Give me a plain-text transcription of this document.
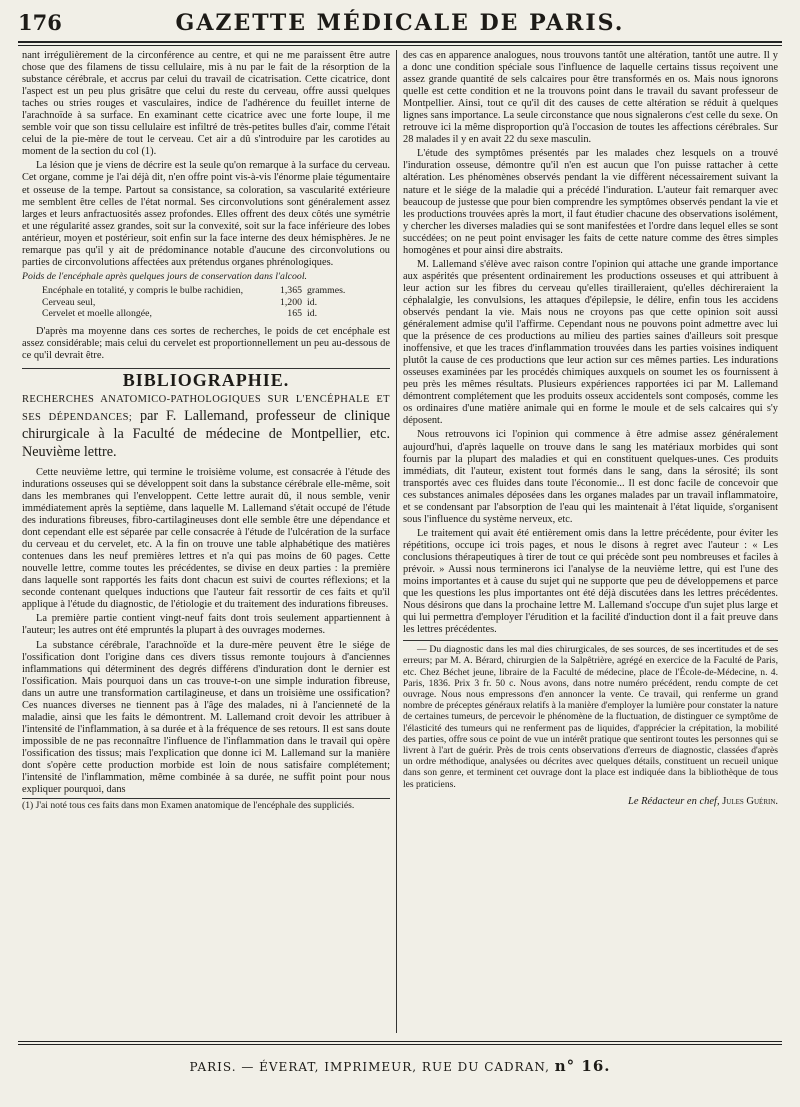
176	GAZETTE MÉDICALE DE PARIS.

nant irrégulièrement de la circonférence au centre, et qui ne me paraissent être autre chose que des filamens de tissu cellulaire, mis à nu par le fait de la résorption de la substance cérébrale, et accrus par celui du travail de cicatrisation. Cette cicatrice, dont l'aspect est un peu plus grisâtre que celui du reste du cerveau, offre aussi quelques taches ou stries rouges et vasculaires, indice de l'adhérence du feuillet interne de l'arachnoïde à sa surface. En examinant cette cicatrice avec une forte loupe, il me semble voir que son tissu cellulaire est infiltré de très-petites bulles d'air, comme l'était celui de la pie-mère de tout le cerveau. Cet air a dû s'introduire par les carotides au moment de la section du col (1).

La lésion que je viens de décrire est la seule qu'on remarque à la surface du cerveau. Cet organe, comme je l'ai déjà dit, n'en offre point vis-à-vis l'énorme plaie tégumentaire et osseuse de la tempe. Partout sa consistance, sa coloration, sa vascularité extérieure me semblent être celles de l'état normal. Ses circonvolutions sont généralement assez larges et leurs anfractuosités assez profondes. Elles offrent des deux côtés une symétrie et une régularité assez grandes, soit sur la convexité, soit sur la face inférieure des lobes antérieur, moyen et postérieur, soit enfin sur la face interne des deux hémisphères. Je ne remarque pas qu'il y ait de prédominance notable d'aucune des circonvolutions ou parties de circonvolutions affectées aux prétendus organes phrénologiques.

Poids de l'encéphale après quelques jours de conservation dans l'alcool.

Encéphale en totalité, y compris le bulbe rachidien,	1,365 grammes.
Cerveau seul,	1,200 id.
Cervelet et moelle allongée,	165 id.

D'après ma moyenne dans ces sortes de recherches, le poids de cet encéphale est assez considérable; mais celui du cervelet est proportionnellement un peu au-dessous de ce qu'il devrait être.

BIBLIOGRAPHIE.

RECHERCHES ANATOMICO-PATHOLOGIQUES SUR L'ENCÉPHALE ET SES DÉPENDANCES; par F. Lallemand, professeur de clinique chirurgicale à la Faculté de médecine de Montpellier, etc. Neuvième lettre.

Cette neuvième lettre, qui termine le troisième volume, est consacrée à l'étude des indurations osseuses qui se développent soit dans la substance cérébrale elle-même, soit dans les membranes qui l'enveloppent. Cette lettre aurait dû, il nous semble, venir immédiatement après la septième, dans laquelle M. Lallemand s'était occupé de l'étude des indurations fibreuses, fibro-cartilagineuses dont elle semble être une dépendance et dont cependant elle est séparée par celle consacrée à l'étude de l'ulcération de la surface du cerveau et du cervelet, etc. A la fin on trouve une table alphabétique des matières contenues dans les neuf premières lettres et n'a qui pas moins de 60 pages. Cette nouvelle lettre, comme toutes les précédentes, se divise en deux parties : la première dans laquelle sont rapportés les faits dont chacun est suivi de courtes réflexions; et la seconde contenant quelques inductions que l'auteur fait ressortir de ces faits et qu'il applique à l'étude du diagnostic, de l'étiologie et du traitement des indurations fibreuses.

La première partie contient vingt-neuf faits dont trois seulement appartiennent à l'auteur; les autres ont été empruntés la plupart à des ouvrages modernes.

La substance cérébrale, l'arachnoïde et la dure-mère peuvent être le siége de l'ossification dont l'origine dans ces divers tissus remonte toujours à d'anciennes inflammations qui déterminent des degrés différens d'induration dont le dernier est l'ossification. Mais pourquoi dans un cas trouve-t-on une simple induration fibreuse, dans un autre une transformation cartilagineuse, et dans un troisième une ossification? Ces nuances diverses ne tiennent pas à l'âge des malades, ni à l'ancienneté de la maladie, ainsi que les faits le démontrent. M. Lallemand croit devoir les attribuer à l'intensité de l'inflammation, à sa durée et à la fréquence de ses retours. Il est sans doute impossible de ne pas reconnaître l'influence de l'inflammation dans le travail qui opère l'ossification des tissus; mais l'explication que donne ici M. Lallemand sur la manière dont s'opère cette production morbide est loin de nous satisfaire complétement; l'intensité de l'inflammation, même combinée à sa durée, ne suffit point pour nous expliquer pourquoi, dans

(1) J'ai noté tous ces faits dans mon Examen anatomique de l'encéphale des suppliciés.

des cas en apparence analogues, nous trouvons tantôt une altération, tantôt une autre. Il y a donc une condition spéciale sous l'influence de laquelle certains tissus reçoivent une assez grande quantité de sels calcaires pour être transformés en os. Mais nous ignorons quelle est cette condition et ne la trouvons point dans le travail du savant professeur de Montpellier. Ainsi, tout ce qu'il dit des causes de cette altération se réduit à quelques lignes sans importance. La seule circonstance que nous signalerons c'est celle du sexe. On retrouve ici la même disproportion qu'à l'occasion de toutes les affections cérébrales. Sur 28 malades il y en avait 22 du sexe masculin.

L'étude des symptômes présentés par les malades chez lesquels on a trouvé l'induration osseuse, démontre qu'il n'en est aucun que l'on puisse rattacher à cette altération. Les phénomènes observés pendant la vie diffèrent nécessairement suivant la nature et le siége de la maladie qui a précédé l'induration. L'auteur fait remarquer avec beaucoup de justesse que pour bien comprendre les symptômes observés pendant la vie et les productions trouvées après la mort, il faut étudier chacune des observations isolément, y chercher les diverses maladies qui se sont manifestées et l'ordre dans lequel elles se sont succédées; on ne peut point envisager les faits de cette nature comme des êtres simples homogènes et pour ainsi dire abstraits.

M. Lallemand s'élève avec raison contre l'opinion qui attache une grande importance aux aspérités que présentent ordinairement les productions osseuses et qui attribuent à leur action sur les fibres du cerveau qu'elles tirailleraient, qu'elles déchireraient la céphalalgie, les convulsions, les attaques d'épilepsie, le délire, enfin tous les accidens observés pendant la vie. Mais nous ne croyons pas que cette opinion soit aussi généralement admise qu'il l'affirme. Cependant nous ne pouvons point admettre avec lui que la présence de ces productions au milieu des parties saines d'ailleurs soit presque inoffensive, et que les traces d'inflammation trouvées dans les parties voisines indiquent plutôt la cause de ces productions que leur action sur ces mêmes parties. Les indurations osseuses examinées par les procédés chimiques auxquels on soumet les os fournissent à peu près les mêmes résultats. Plusieurs expériences rapportées ici par M. Lallemand démontrent complétement que les produits osseux accidentels sont composés, comme les os ordinaires d'une matière animale qui en forme le moule et de sels calcaires qui s'y déposent.

Nous retrouvons ici l'opinion qui commence à être admise assez généralement aujourd'hui, d'après laquelle on trouve dans le sang les matériaux morbides qui sont fournis par la plupart des maladies et qui en constituent quelques-unes. Ces produits immédiats, dit l'auteur, existent tout formés dans le sang, dans la sérosité; ils sont transportés avec ces fluides dans toute l'économie... Il est donc facile de concevoir que ces substances animales déposées dans les organes malades par un travail inflammatoire, et se condensant par l'absorption de l'eau qui les maintenait à l'état liquide, s'organisent sous l'influence du système nerveux, etc.

Le traitement qui avait été entièrement omis dans la lettre précédente, pour éviter les répétitions, occupe ici trois pages, et nous le disons à regret avec l'auteur : « Les conclusions thérapeutiques à tirer de tout ce qui précède sont peu nombreuses et faciles à prévoir. » Aussi nous terminerons ici l'analyse de la neuvième lettre, qui est l'une des moins importantes et à cause du sujet qui ne supporte que peu de développemens et parce que les questions les plus importantes ont été déjà discutées dans les lettres précédentes. Nous désirons que dans la prochaine lettre M. Lallemand s'occupe d'un sujet plus large et qui lui permettra d'employer l'érudition et la facilité d'induction dont il a fait preuve dans les lettres précédentes.

— Du diagnostic dans les mal dies chirurgicales, de ses sources, de ses incertitudes et de ses erreurs; par M. A. Bérard, chirurgien de la Salpêtrière, agrégé en exercice de la Faculté de Paris, etc. Chez Béchet jeune, libraire de la Faculté de médecine, place de l'École-de-Médecine, n. 4. Paris, 1836. Prix 3 fr. 50 c. Nous avons, dans notre numéro précédent, rendu compte de cet ouvrage. Nous nous empressons d'en annoncer la vente. Ce travail, qui renferme un grand nombre de préceptes généraux relatifs à la manière d'employer la lumière pour constater la nature de certaines tumeurs, de percevoir le phénomène de la fluctuation, de distinguer ce symptôme de l'élasticité des tumeurs qui ne renferment pas de liquides, d'apprécier la crépitation, la mobilité des parties, offre sous ce point de vue un intérêt pratique que sentiront toutes les personnes qui se livrent à l'art de guérir. Près de trois cents observations d'erreurs de diagnostic, classées d'après un ordre méthodique, analysées ou décrites avec quelques détails, constituent un recueil unique dans son genre, et terminent cet ouvrage dont la place est indiquée dans la bibliothèque de tous les praticiens.

Le Rédacteur en chef, Jules Guérin.
PARIS. — ÉVERAT, IMPRIMEUR, RUE DU CADRAN, n° 16.
